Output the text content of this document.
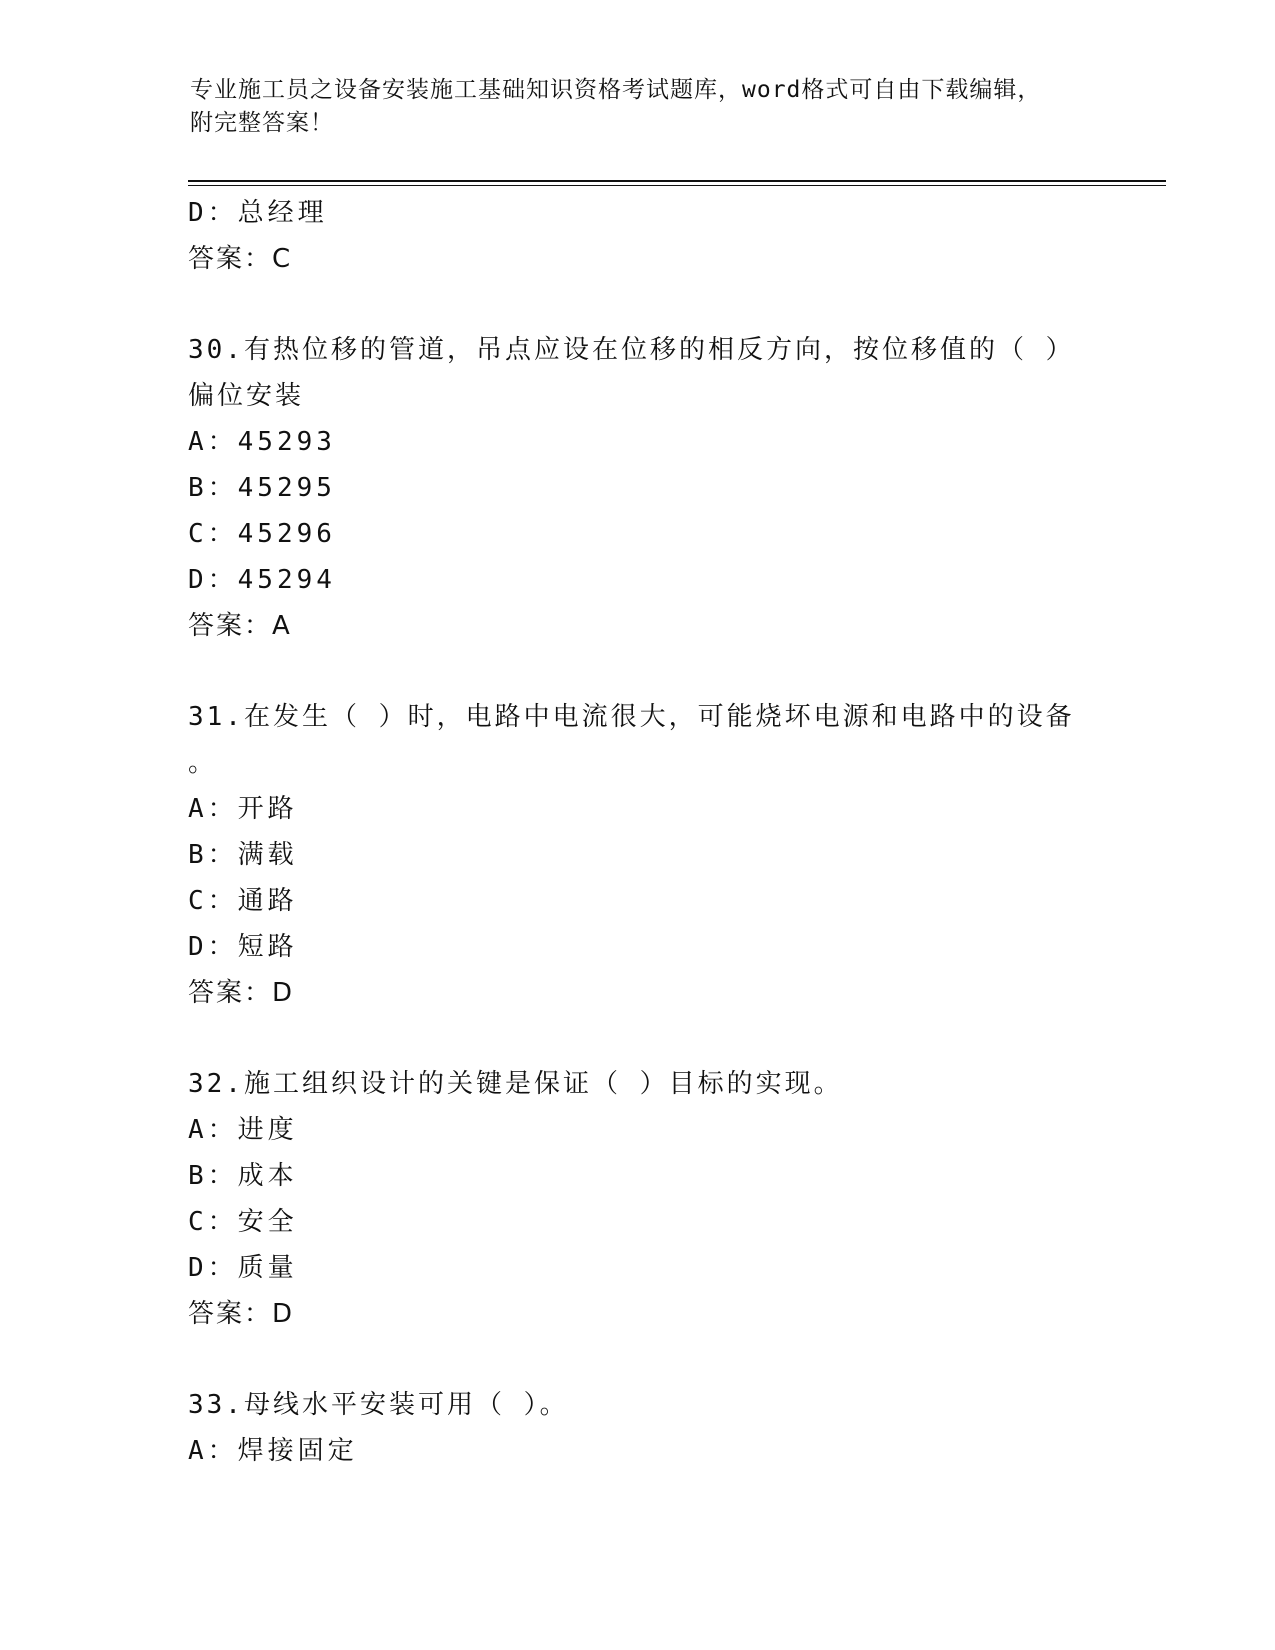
专业施工员之设备安装施工基础知识资格考试题库，word格式可自由下载编辑，
附完整答案！
D：总经理
答案：C
30.有热位移的管道，吊点应设在位移的相反方向，按位移值的（ ）
偏位安装
A：45293
B：45295
C：45296
D：45294
答案：A
31.在发生（ ）时，电路中电流很大，可能烧坏电源和电路中的设备
。
A：开路
B：满载
C：通路
D：短路
答案：D
32.施工组织设计的关键是保证（ ）目标的实现。
A：进度
B：成本
C：安全
D：质量
答案：D
33.母线水平安装可用（ ）。
A：焊接固定
